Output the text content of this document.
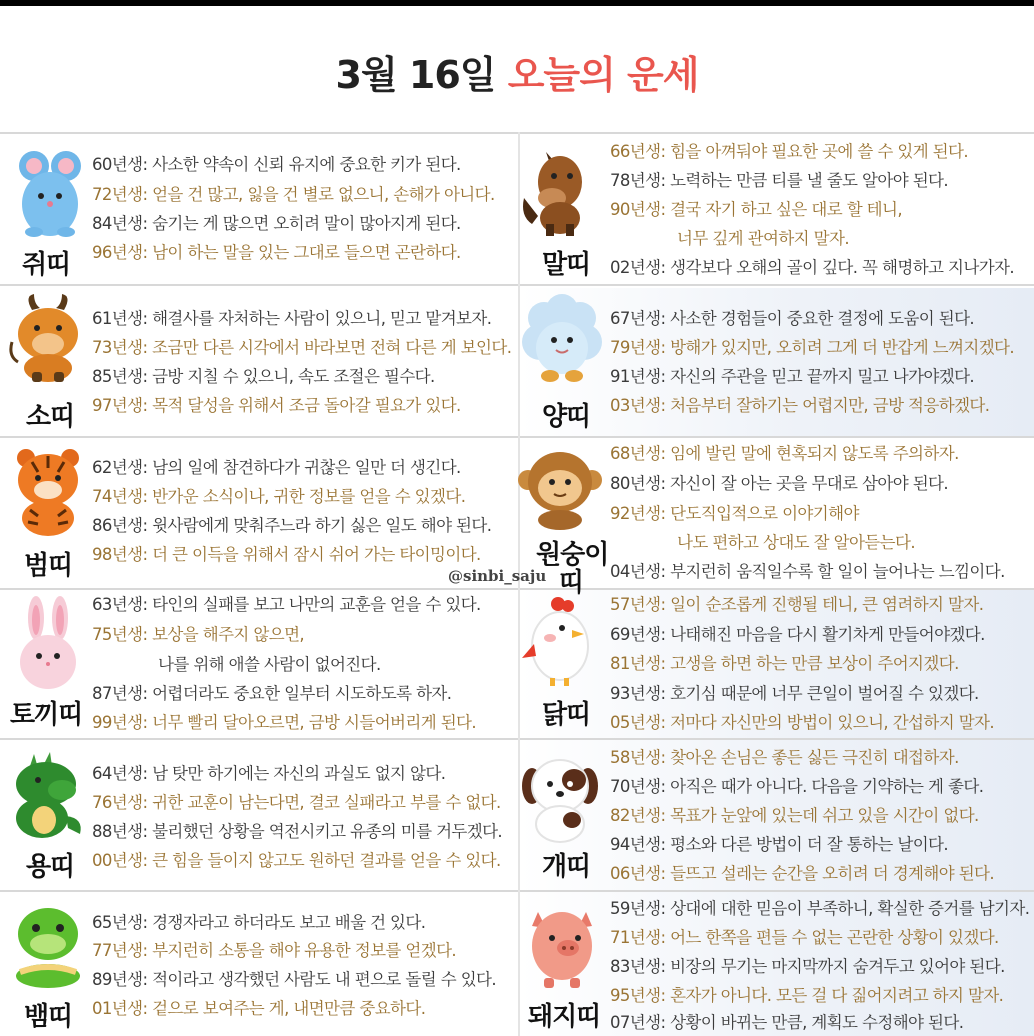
3월 16일 오늘의 운세
쥐띠
60년생: 사소한 약속이 신뢰 유지에 중요한 키가 된다.
72년생: 얻을 건 많고, 잃을 건 별로 없으니, 손해가 아니다.
84년생: 숨기는 게 많으면 오히려 말이 많아지게 된다.
96년생: 남이 하는 말을 있는 그대로 들으면 곤란하다.	말띠
66년생: 힘을 아껴둬야 필요한 곳에 쓸 수 있게 된다.
78년생: 노력하는 만큼 티를 낼 줄도 알아야 된다.
90년생: 결국 자기 하고 싶은 대로 할 테니,
너무 깊게 관여하지 말자.
02년생: 생각보다 오해의 골이 깊다. 꼭 해명하고 지나가자.
소띠
61년생: 해결사를 자처하는 사람이 있으니, 믿고 맡겨보자.
73년생: 조금만 다른 시각에서 바라보면 전혀 다른 게 보인다.
85년생: 금방 지칠 수 있으니, 속도 조절은 필수다.
97년생: 목적 달성을 위해서 조금 돌아갈 필요가 있다.	양띠
67년생: 사소한 경험들이 중요한 결정에 도움이 된다.
79년생: 방해가 있지만, 오히려 그게 더 반갑게 느껴지겠다.
91년생: 자신의 주관을 믿고 끝까지 밀고 나가야겠다.
03년생: 처음부터 잘하기는 어렵지만, 금방 적응하겠다.
범띠
62년생: 남의 일에 참견하다가 귀찮은 일만 더 생긴다.
74년생: 반가운 소식이나, 귀한 정보를 얻을 수 있겠다.
86년생: 윗사람에게 맞춰주느라 하기 싫은 일도 해야 된다.
98년생: 더 큰 이득을 위해서 잠시 쉬어 가는 타이밍이다. 원숭이
@sinbi_saju 띠
68년생: 임에 발린 말에 현혹되지 않도록 주의하자.
80년생: 자신이 잘 아는 곳을 무대로 삼아야 된다.
92년생: 단도직입적으로 이야기해야
나도 편하고 상대도 잘 알아듣는다.
04년생: 부지런히 움직일수록 할 일이 늘어나는 느낌이다.
토끼띠
63년생: 타인의 실패를 보고 나만의 교훈을 얻을 수 있다.
75년생: 보상을 해주지 않으면,
나를 위해 애쓸 사람이 없어진다.
87년생: 어렵더라도 중요한 일부터 시도하도록 하자.
99년생: 너무 빨리 달아오르면, 금방 시들어버리게 된다.	닭띠
57년생: 일이 순조롭게 진행될 테니, 큰 염려하지 말자.
69년생: 나태해진 마음을 다시 활기차게 만들어야겠다.
81년생: 고생을 하면 하는 만큼 보상이 주어지겠다.
93년생: 호기심 때문에 너무 큰일이 벌어질 수 있겠다.
05년생: 저마다 자신만의 방법이 있으니, 간섭하지 말자.
용띠
64년생: 남 탓만 하기에는 자신의 과실도 없지 않다.
76년생: 귀한 교훈이 남는다면, 결코 실패라고 부를 수 없다.
88년생: 불리했던 상황을 역전시키고 유종의 미를 거두겠다.
00년생: 큰 힘을 들이지 않고도 원하던 결과를 얻을 수 있다. 개띠
58년생: 찾아온 손님은 좋든 싫든 극진히 대접하자.
70년생: 아직은 때가 아니다. 다음을 기약하는 게 좋다.
82년생: 목표가 눈앞에 있는데 쉬고 있을 시간이 없다.
94년생: 평소와 다른 방법이 더 잘 통하는 날이다.
06년생: 들뜨고 설레는 순간을 오히려 더 경계해야 된다.
뱀띠
65년생: 경쟁자라고 하더라도 보고 배울 건 있다.
77년생: 부지런히 소통을 해야 유용한 정보를 얻겠다.
89년생: 적이라고 생각했던 사람도 내 편으로 돌릴 수 있다.
01년생: 겉으로 보여주는 게, 내면만큼 중요하다.	돼지띠
59년생: 상대에 대한 믿음이 부족하니, 확실한 증거를 남기자.
71년생: 어느 한쪽을 편들 수 없는 곤란한 상황이 있겠다.
83년생: 비장의 무기는 마지막까지 숨겨두고 있어야 된다.
95년생: 혼자가 아니다. 모든 걸 다 짊어지려고 하지 말자.
07년생: 상황이 바뀌는 만큼, 계획도 수정해야 된다.
